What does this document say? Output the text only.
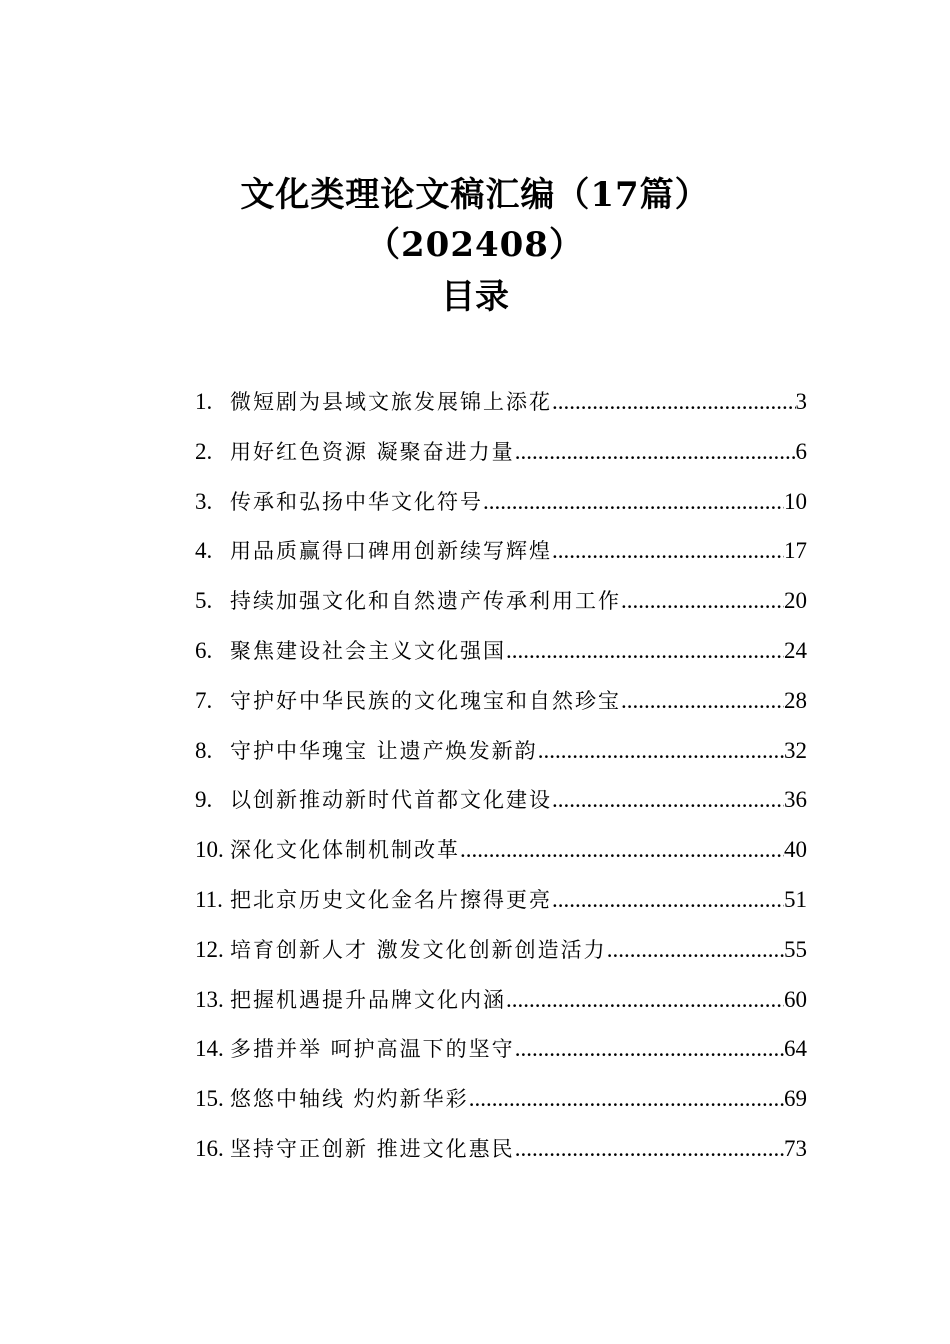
文化类理论文稿汇编（17篇）（202408）
目录
1. 微短剧为县域文旅发展锦上添花 .....	3
2. 用好红色资源 凝聚奋进力量 .....	6
3. 传承和弘扬中华文化符号 .....	10
4. 用品质赢得口碑用创新续写辉煌 .....	17
5. 持续加强文化和自然遗产传承利用工作 .....	20
6. 聚焦建设社会主义文化强国 .....	24
7. 守护好中华民族的文化瑰宝和自然珍宝 .....	28
8. 守护中华瑰宝 让遗产焕发新韵 .....	32
9. 以创新推动新时代首都文化建设 .....	36
10. 深化文化体制机制改革 .....	40
11. 把北京历史文化金名片擦得更亮 .....	51
12. 培育创新人才 激发文化创新创造活力 .....	55
13. 把握机遇提升品牌文化内涵 .....	60
14. 多措并举 呵护高温下的坚守 .....	64
15. 悠悠中轴线 灼灼新华彩 .....	69
16. 坚持守正创新 推进文化惠民 .....	73
